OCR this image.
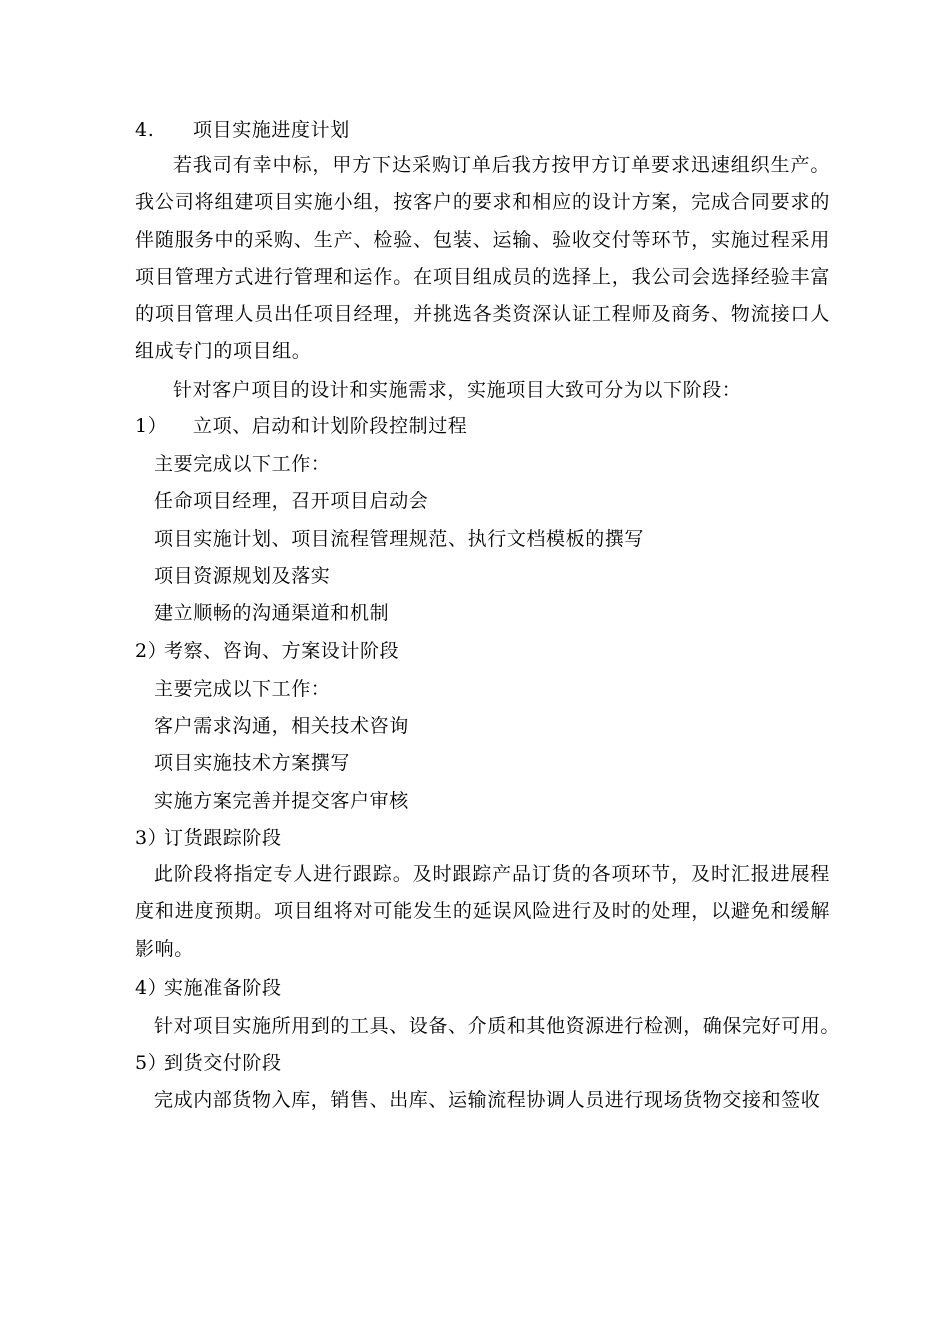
4. 项目实施进度计划
若我司有幸中标，甲方下达采购订单后我方按甲方订单要求迅速组织生产。我公司将组建项目实施小组，按客户的要求和相应的设计方案，完成合同要求的伴随服务中的采购、生产、检验、包装、运输、验收交付等环节，实施过程采用项目管理方式进行管理和运作。在项目组成员的选择上，我公司会选择经验丰富的项目管理人员出任项目经理，并挑选各类资深认证工程师及商务、物流接口人组成专门的项目组。
针对客户项目的设计和实施需求，实施项目大致可分为以下阶段：
1） 立项、启动和计划阶段控制过程
主要完成以下工作：
任命项目经理，召开项目启动会
项目实施计划、项目流程管理规范、执行文档模板的撰写
项目资源规划及落实
建立顺畅的沟通渠道和机制
2）考察、咨询、方案设计阶段
主要完成以下工作：
客户需求沟通，相关技术咨询
项目实施技术方案撰写
实施方案完善并提交客户审核
3）订货跟踪阶段
此阶段将指定专人进行跟踪。及时跟踪产品订货的各项环节，及时汇报进展程度和进度预期。项目组将对可能发生的延误风险进行及时的处理，以避免和缓解影响。
4）实施准备阶段
针对项目实施所用到的工具、设备、介质和其他资源进行检测，确保完好可用。
5）到货交付阶段
完成内部货物入库，销售、出库、运输流程协调人员进行现场货物交接和签收
